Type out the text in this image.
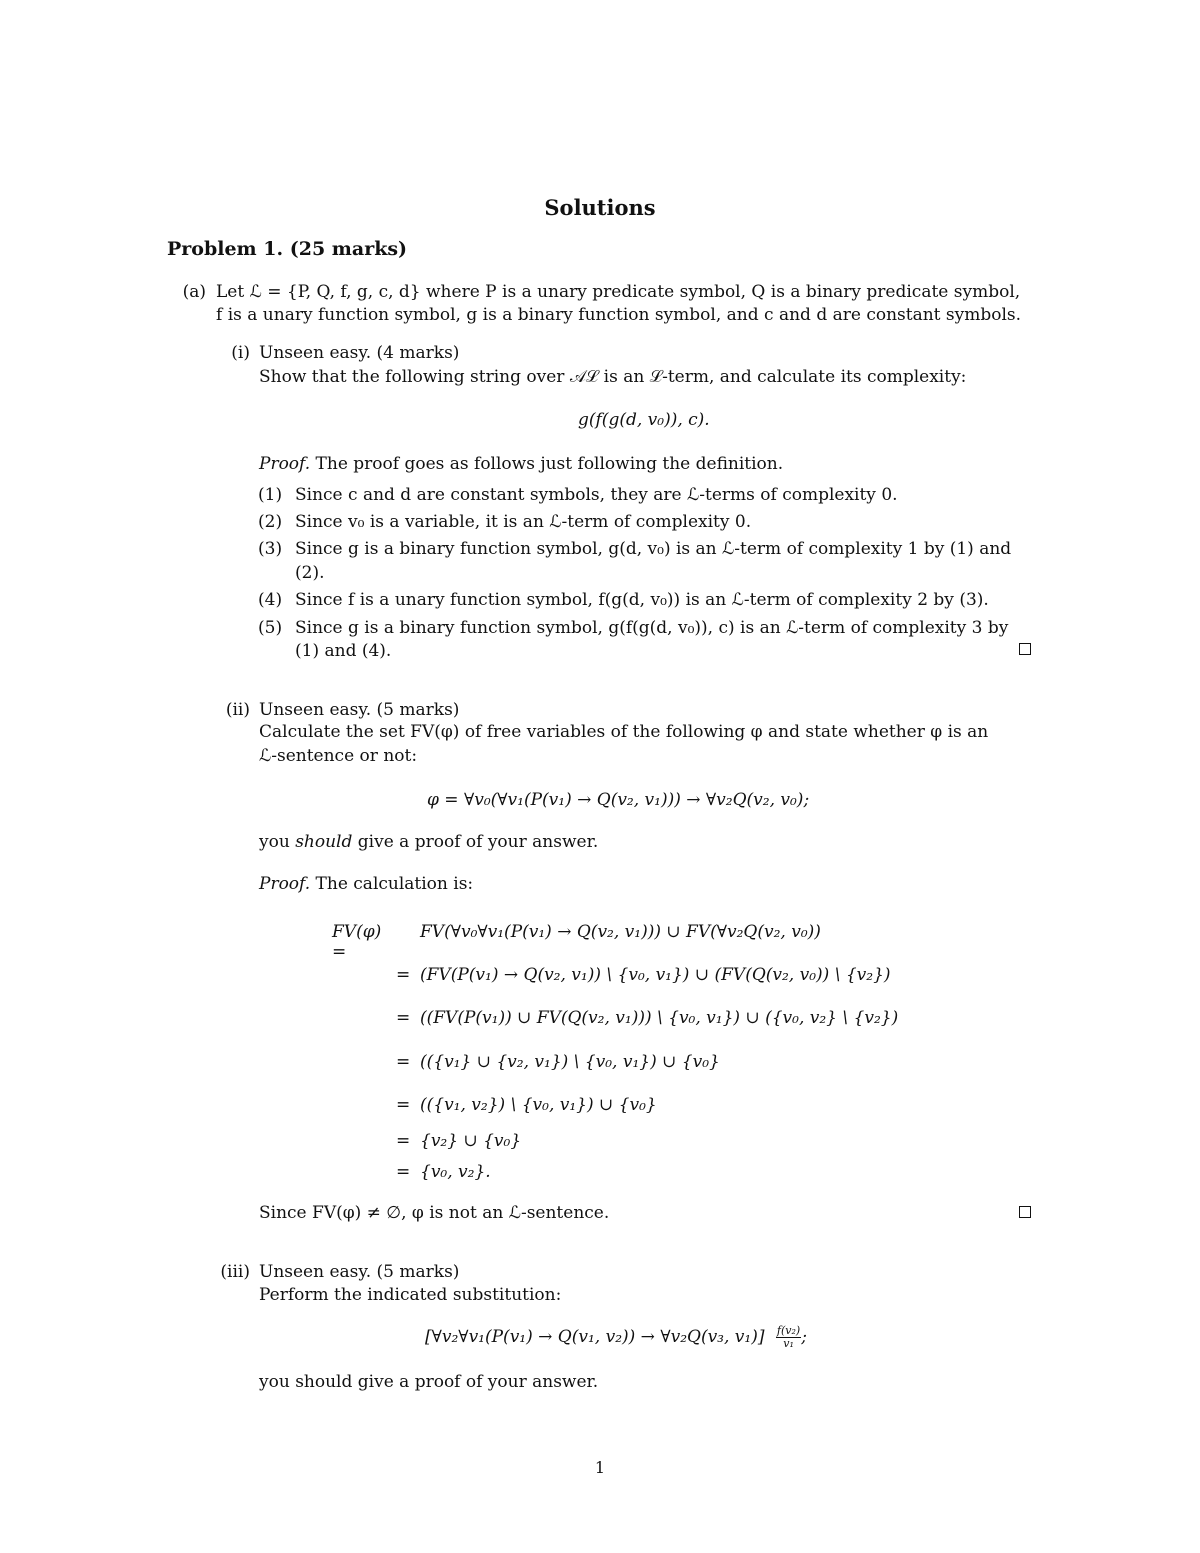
Solutions
Problem 1. (25 marks)
(a) Let ℒ = {P, Q, f, g, c, d} where P is a unary predicate symbol, Q is a binary predicate symbol,
f is a unary function symbol, g is a binary function symbol, and c and d are constant symbols.
(i) Unseen easy. (4 marks)
Show that the following string over 𝒜ℒ is an ℒ-term, and calculate its complexity:
g(f(g(d, v₀)), c).
Proof. The proof goes as follows just following the definition.
(1) Since c and d are constant symbols, they are ℒ-terms of complexity 0.
(2) Since v₀ is a variable, it is an ℒ-term of complexity 0.
(3) Since g is a binary function symbol, g(d, v₀) is an ℒ-term of complexity 1 by (1) and
(2).
(4) Since f is a unary function symbol, f(g(d, v₀)) is an ℒ-term of complexity 2 by (3).
(5) Since g is a binary function symbol, g(f(g(d, v₀)), c) is an ℒ-term of complexity 3 by
(1) and (4).
(ii) Unseen easy. (5 marks)
Calculate the set FV(φ) of free variables of the following φ and state whether φ is an
ℒ-sentence or not:
φ = ∀v₀(∀v₁(P(v₁) → Q(v₂, v₁))) → ∀v₂Q(v₂, v₀);
you should give a proof of your answer.
Proof. The calculation is:
FV(φ) =
FV(∀v₀∀v₁(P(v₁) → Q(v₂, v₁))) ∪ FV(∀v₂Q(v₂, v₀))
= (FV(P(v₁) → Q(v₂, v₁)) \ {v₀, v₁}) ∪ (FV(Q(v₂, v₀)) \ {v₂})
= ((FV(P(v₁)) ∪ FV(Q(v₂, v₁))) \ {v₀, v₁}) ∪ ({v₀, v₂} \ {v₂})
= (({v₁} ∪ {v₂, v₁}) \ {v₀, v₁}) ∪ {v₀}
= (({v₁, v₂}) \ {v₀, v₁}) ∪ {v₀}
= {v₂} ∪ {v₀}
= {v₀, v₂}.
Since FV(φ) ≠ ∅, φ is not an ℒ-sentence.
(iii) Unseen easy. (5 marks)
Perform the indicated substitution:
[∀v₂∀v₁(P(v₁) → Q(v₁, v₂)) → ∀v₂Q(v₃, $v_1)] \frac{\text{f(v₂)}}{\text{v₁}}$ ;
you should give a proof of your answer.
1
